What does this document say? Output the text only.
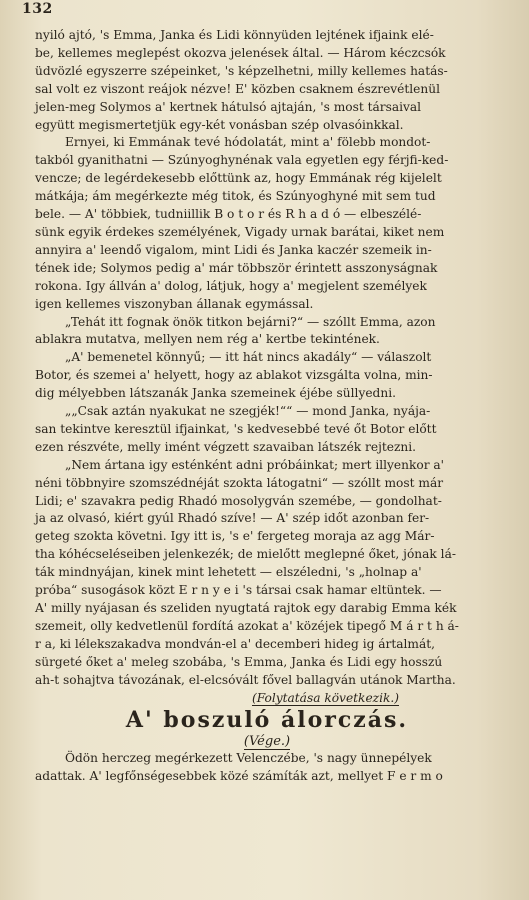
132

nyiló ajtó, 's Emma, Janka és Lidi könnyüden lejtének ifjaink elé-

be, kellemes meglepést okozva jelenések által. — Három kéczcsók

üdvözlé egyszerre szépeinket, 's képzelhetni, milly kellemes hatás-

sal volt ez viszont reájok nézve! E' közben csaknem észrevétlenül

jelen-meg Solymos a' kertnek hátulsó ajtaján, 's most társaival

együtt megismertetjük egy-két vonásban szép olvasóinkkal.

Ernyei, ki Emmának tevé hódolatát, mint a' fölebb mondot-

takból gyanithatni — Szúnyoghynénak vala egyetlen egy férjfi-ked-

vencze; de legérdekesebb előttünk az, hogy Emmának rég kijelelt

mátkája; ám megérkezte még titok, és Szúnyoghyné mit sem tud

bele. — A' többiek, tudniillik B o t o r és R h a d ó — elbeszélé-

sünk egyik érdekes személyének, Vigady urnak barátai, kiket nem

annyira a' leendő vigalom, mint Lidi és Janka kaczér szemeik in-

tének ide; Solymos pedig a' már többször érintett asszonyságnak

rokona. Igy állván a' dolog, látjuk, hogy a' megjelent személyek

igen kellemes viszonyban állanak egymással.

„Tehát itt fognak önök titkon bejárni?“ — szóllt Emma, azon

ablakra mutatva, mellyen nem rég a' kertbe tekintének.

„A' bemenetel könnyű; — itt hát nincs akadály“ — válaszolt

Botor, és szemei a' helyett, hogy az ablakot vizsgálta volna, min-

dig mélyebben látszanák Janka szemeinek éjébe süllyedni.

„„Csak aztán nyakukat ne szegjék!““ — mond Janka, nyája-

san tekintve keresztül ifjainkat, 's kedvesebbé tevé őt Botor előtt

ezen részvéte, melly imént végzett szavaiban látszék rejtezni.

„Nem ártana igy esténként adni próbáinkat; mert illyenkor a'

néni többnyire szomszédnéját szokta látogatni“ — szóllt most már

Lidi; e' szavakra pedig Rhadó mosolygván szemébe, — gondolhat-

ja az olvasó, kiért gyúl Rhadó szíve! — A' szép időt azonban fer-

geteg szokta követni. Igy itt is, 's e' fergeteg moraja az agg Már-

tha kóhécseléseiben jelenkezék; de mielőtt meglepné őket, jónak lá-

ták mindnyájan, kinek mint lehetett — elszéledni, 's „holnap a'

próba“ susogások közt E r n y e i 's társai csak hamar eltüntek. —

A' milly nyájasan és szeliden nyugtatá rajtok egy darabig Emma kék

szemeit, olly kedvetlenül fordítá azokat a' közéjek tipegő M á r t h á-

r a, ki lélekszakadva mondván-el a' decemberi hideg ig ártalmát,

sürgeté őket a' meleg szobába, 's Emma, Janka és Lidi egy hosszú

ah-t sohajtva távozának, el-elcsóvált fővel ballagván utánok Martha.

(Folytatása következik.)

A' boszuló álorczás.

(Vége.)

Ödön herczeg megérkezett Velenczébe, 's nagy ünnepélyek

adattak. A' legfőnségesebbek közé számíták azt, mellyet F e r m o
